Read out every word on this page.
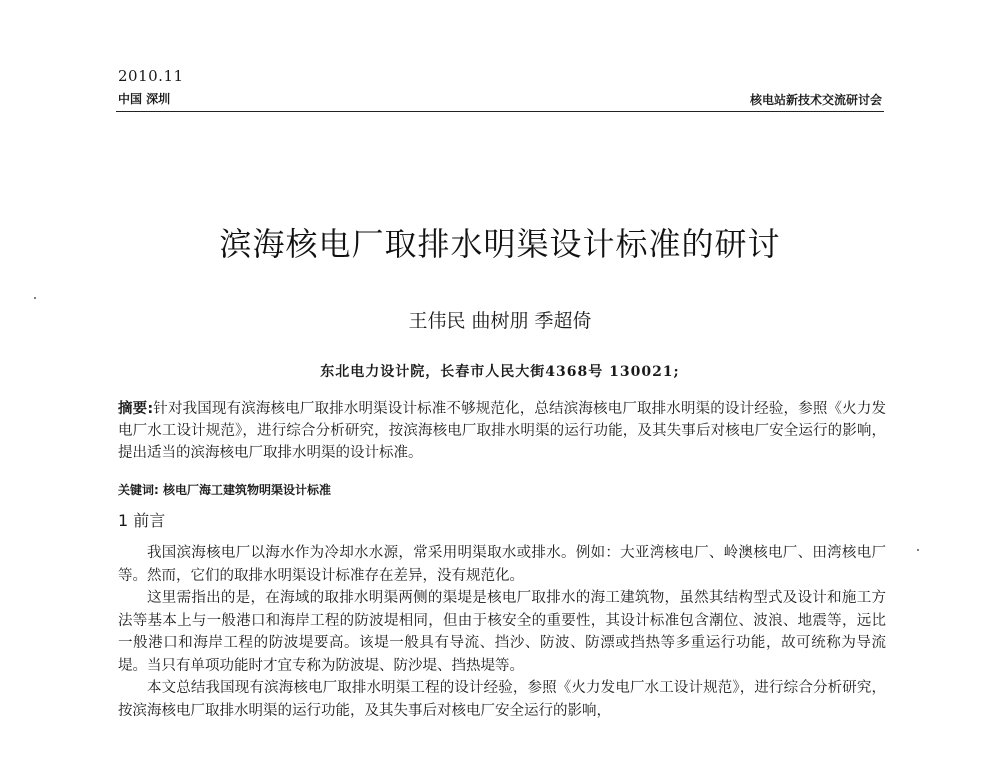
2010.11
中国 深圳	核电站新技术交流研讨会
滨海核电厂取排水明渠设计标准的研讨
王伟民 曲树朋 季超倚
东北电力设计院，长春市人民大街4368号 130021;
摘要:针对我国现有滨海核电厂取排水明渠设计标准不够规范化，总结滨海核电厂取排水明渠的设计经验，参照《火力发电厂水工设计规范》，进行综合分析研究，按滨海核电厂取排水明渠的运行功能，及其失事后对核电厂安全运行的影响，提出适当的滨海核电厂取排水明渠的设计标准。
关键词: 核电厂海工建筑物明渠设计标准
1 前言

我国滨海核电厂以海水作为冷却水水源，常采用明渠取水或排水。例如：大亚湾核电厂、岭澳核电厂、田湾核电厂等。然而，它们的取排水明渠设计标准存在差异，没有规范化。

这里需指出的是，在海域的取排水明渠两侧的渠堤是核电厂取排水的海工建筑物，虽然其结构型式及设计和施工方法等基本上与一般港口和海岸工程的防波堤相同，但由于核安全的重要性，其设计标准包含潮位、波浪、地震等，远比一般港口和海岸工程的防波堤要高。该堤一般具有导流、挡沙、防波、防漂或挡热等多重运行功能，故可统称为导流堤。当只有单项功能时才宜专称为防波堤、防沙堤、挡热堤等。

本文总结我国现有滨海核电厂取排水明渠工程的设计经验，参照《火力发电厂水工设计规范》，进行综合分析研究，按滨海核电厂取排水明渠的运行功能，及其失事后对核电厂安全运行的影响，
